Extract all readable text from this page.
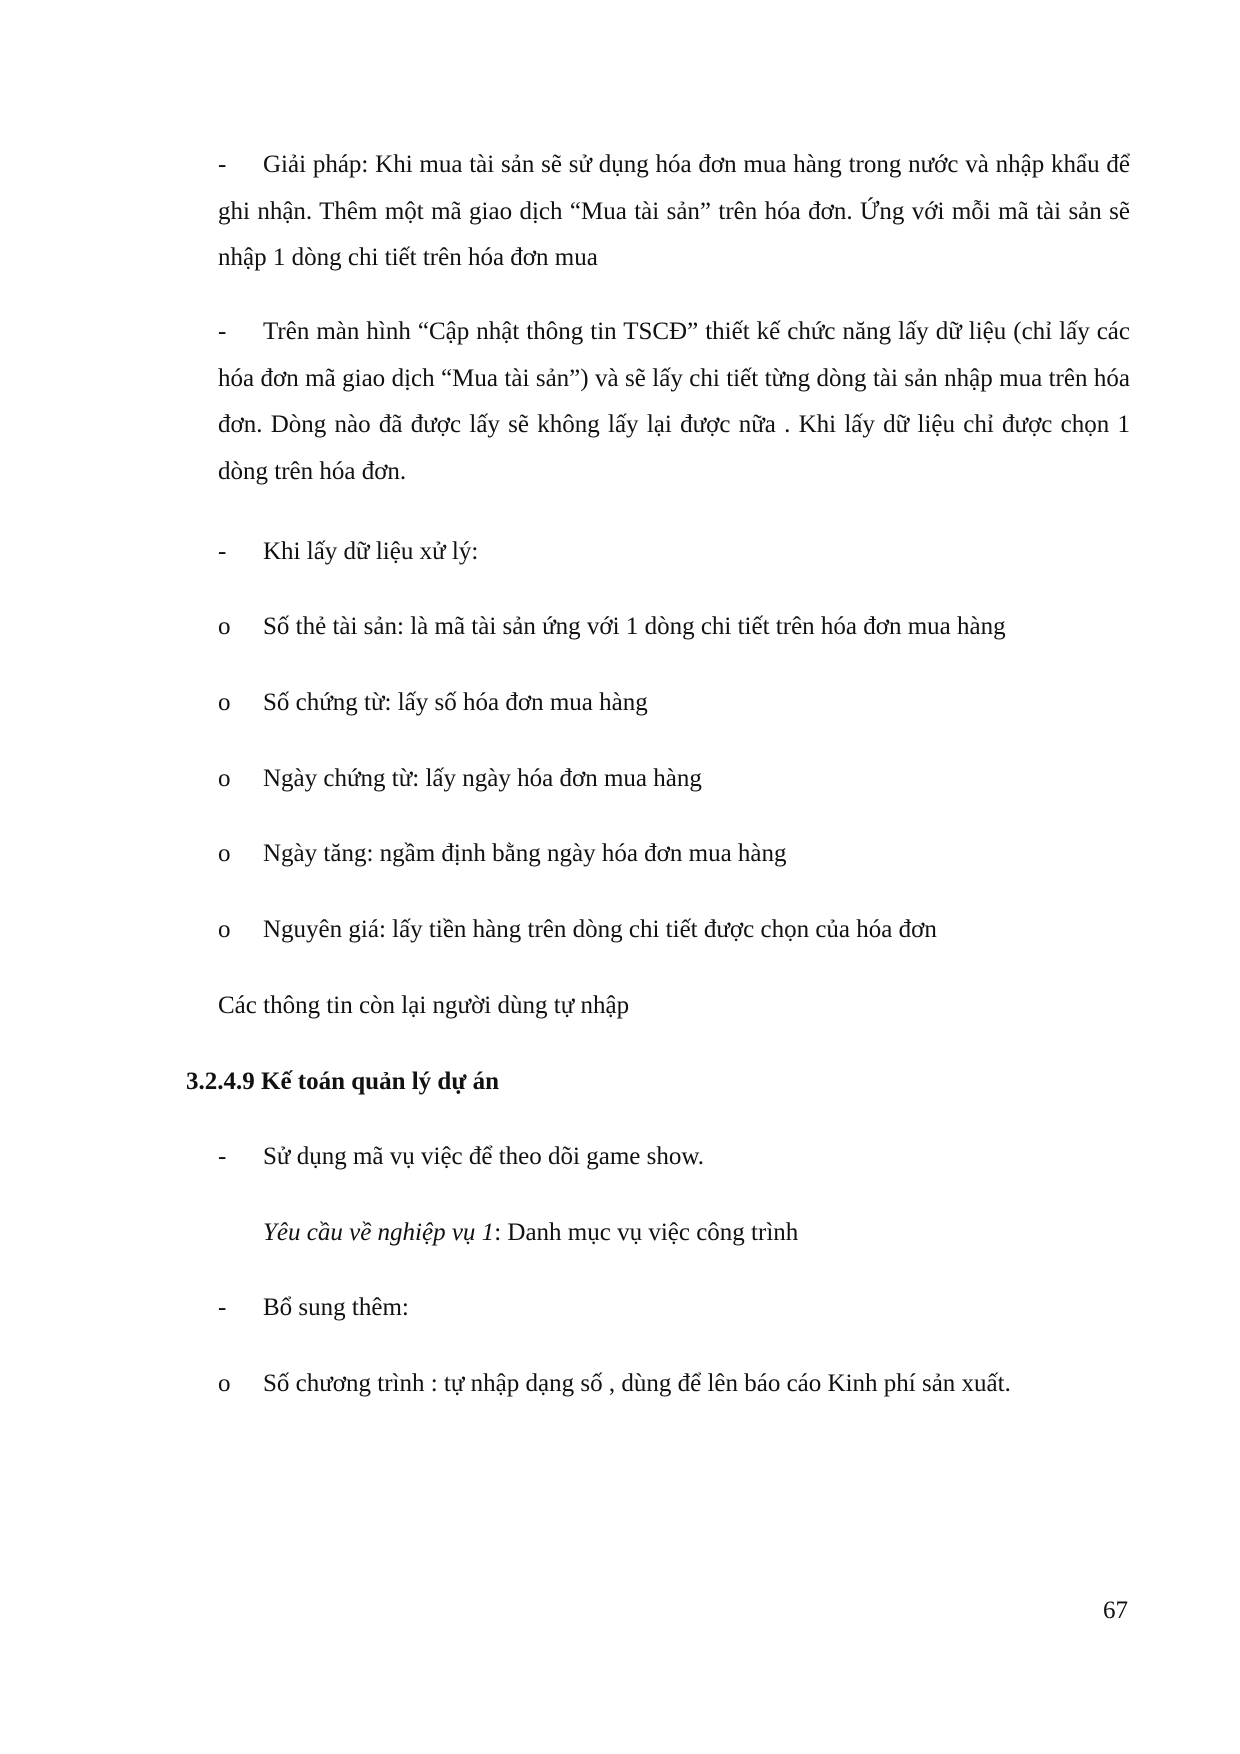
- Giải pháp: Khi mua tài sản sẽ sử dụng hóa đơn mua hàng trong nước và nhập khẩu để ghi nhận. Thêm một mã giao dịch “Mua tài sản” trên hóa đơn. Ứng với mỗi mã tài sản sẽ nhập 1 dòng chi tiết trên hóa đơn mua

- Trên màn hình “Cập nhật thông tin TSCĐ” thiết kế chức năng lấy dữ liệu (chỉ lấy các hóa đơn mã giao dịch “Mua tài sản”) và sẽ lấy chi tiết từng dòng tài sản nhập mua trên hóa đơn. Dòng nào đã được lấy sẽ không lấy lại được nữa . Khi lấy dữ liệu chỉ được chọn 1 dòng trên hóa đơn.

- Khi lấy dữ liệu xử lý:
o Số thẻ tài sản: là mã tài sản ứng với 1 dòng chi tiết trên hóa đơn mua hàng
o Số chứng từ: lấy số hóa đơn mua hàng
o Ngày chứng từ: lấy ngày hóa đơn mua hàng
o Ngày tăng: ngầm định bằng ngày hóa đơn mua hàng
o Nguyên giá: lấy tiền hàng trên dòng chi tiết được chọn của hóa đơn
Các thông tin còn lại người dùng tự nhập
3.2.4.9 Kế toán quản lý dự án
- Sử dụng mã vụ việc để theo dõi game show.
Yêu cầu về nghiệp vụ 1: Danh mục vụ việc công trình
- Bổ sung thêm:
o Số chương trình : tự nhập dạng số , dùng để lên báo cáo Kinh phí sản xuất.
67
